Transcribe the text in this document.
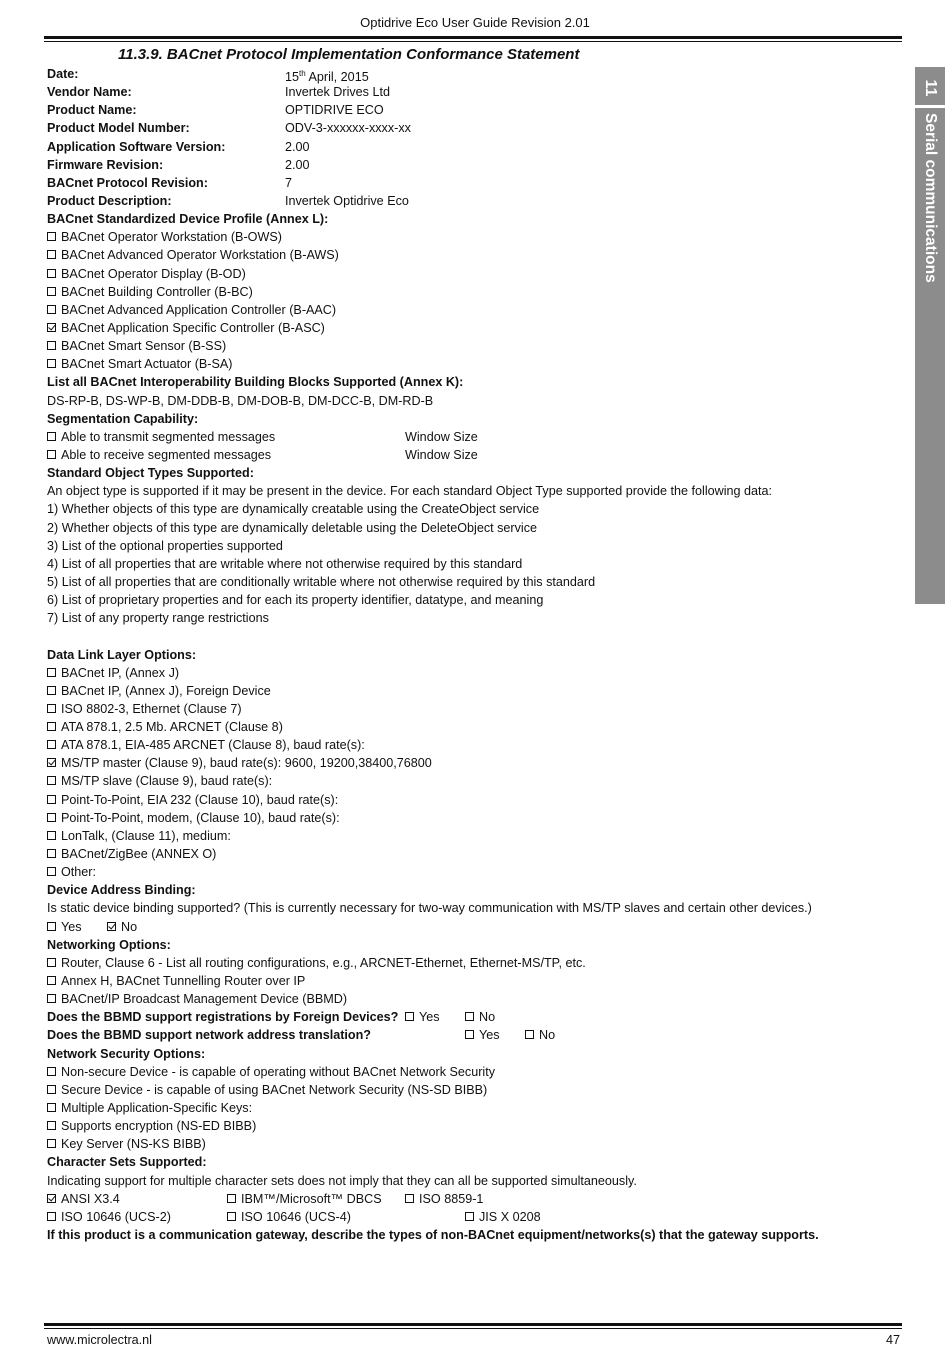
Optidrive Eco User Guide Revision 2.01
11.3.9. BACnet Protocol Implementation Conformance Statement
11
Serial communications
Date:	15th April, 2015
Vendor Name:	Invertek Drives Ltd
Product Name:	OPTIDRIVE ECO
Product Model Number:	ODV-3-xxxxxx-xxxx-xx
Application Software Version:	2.00
Firmware Revision:	2.00
BACnet Protocol Revision:	7
Product Description:	Invertek Optidrive Eco
BACnet Standardized Device Profile (Annex L):
BACnet Operator Workstation (B-OWS)
BACnet Advanced Operator Workstation (B-AWS)
BACnet Operator Display (B-OD)
BACnet Building Controller (B-BC)
BACnet Advanced Application Controller (B-AAC)
BACnet Application Specific Controller (B-ASC)
BACnet Smart Sensor (B-SS)
BACnet Smart Actuator (B-SA)
List all BACnet Interoperability Building Blocks Supported (Annex K):
DS-RP-B, DS-WP-B, DM-DDB-B, DM-DOB-B, DM-DCC-B, DM-RD-B
Segmentation Capability:
Able to transmit segmented messages	Window Size
Able to receive segmented messages	Window Size
Standard Object Types Supported:
An object type is supported if it may be present in the device. For each standard Object Type supported provide the following data:
1) Whether objects of this type are dynamically creatable using the CreateObject service
2) Whether objects of this type are dynamically deletable using the DeleteObject service
3) List of the optional properties supported
4) List of all properties that are writable where not otherwise required by this standard
5) List of all properties that are conditionally writable where not otherwise required by this standard
6) List of proprietary properties and for each its property identifier, datatype, and meaning
7) List of any property range restrictions
Data Link Layer Options:
BACnet IP, (Annex J)
BACnet IP, (Annex J), Foreign Device
ISO 8802-3, Ethernet (Clause 7)
ATA 878.1, 2.5 Mb. ARCNET (Clause 8)
ATA 878.1, EIA-485 ARCNET (Clause 8), baud rate(s):
MS/TP master (Clause 9), baud rate(s): 9600, 19200,38400,76800
MS/TP slave (Clause 9), baud rate(s):
Point-To-Point, EIA 232 (Clause 10), baud rate(s):
Point-To-Point, modem, (Clause 10), baud rate(s):
LonTalk, (Clause 11), medium:
BACnet/ZigBee (ANNEX O)
Other:
Device Address Binding:
Is static device binding supported? (This is currently necessary for two-way communication with MS/TP slaves and certain other devices.)
Yes	No
Networking Options:
Router, Clause 6 - List all routing configurations, e.g., ARCNET-Ethernet, Ethernet-MS/TP, etc.
Annex H, BACnet Tunnelling Router over IP
BACnet/IP Broadcast Management Device (BBMD)
Does the BBMD support registrations by Foreign Devices?	Yes	No
Does the BBMD support network address translation?	Yes	No
Network Security Options:
Non-secure Device - is capable of operating without BACnet Network Security
Secure Device - is capable of using BACnet Network Security (NS-SD BIBB)
Multiple Application-Specific Keys:
Supports encryption (NS-ED BIBB)
Key Server (NS-KS BIBB)
Character Sets Supported:
Indicating support for multiple character sets does not imply that they can all be supported simultaneously.
ANSI X3.4	IBM™/Microsoft™ DBCS	ISO 8859-1
ISO 10646 (UCS-2)	ISO 10646 (UCS-4)	JIS X 0208
If this product is a communication gateway, describe the types of non-BACnet equipment/networks(s) that the gateway supports.
www.microlectra.nl	47
